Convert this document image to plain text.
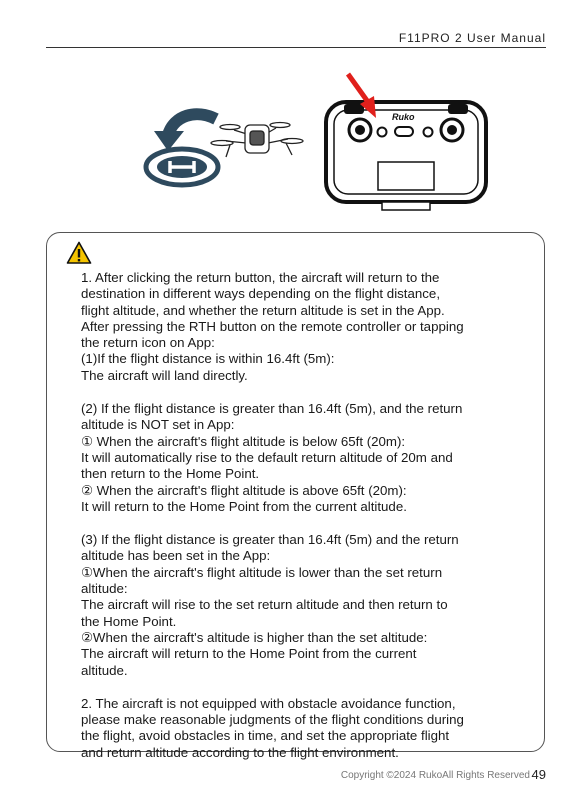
F11PRO 2 User Manual
Ruko

1. After clicking the return button, the aircraft will return to the
destination in different ways depending on the flight distance,
flight altitude, and whether the return altitude is set in the App.
After pressing the RTH button on the remote controller or tapping
the return icon on App:
(1)If the flight distance is within 16.4ft (5m):
The aircraft will land directly.

(2) If the flight distance is greater than 16.4ft (5m), and the return
altitude is NOT set in App:
① When the aircraft's flight altitude is below 65ft (20m):
It will automatically rise to the default return altitude of 20m and
then return to the Home Point.
② When the aircraft's flight altitude is above 65ft (20m):
It will return to the Home Point from the current altitude.

(3) If the flight distance is greater than 16.4ft (5m) and the return
altitude has been set in the App:
①When the aircraft's flight altitude is lower than the set return
altitude:
The aircraft will rise to the set return altitude and then return to
the Home Point.
②When the aircraft's altitude is higher than the set altitude:
The aircraft will return to the Home Point from the current
altitude.

2. The aircraft is not equipped with obstacle avoidance function,
please make reasonable judgments of the flight conditions during
the flight, avoid obstacles in time, and set the appropriate flight
and return altitude according to the flight environment.

Copyright ©2024 RukoAll Rights Reserved 49
